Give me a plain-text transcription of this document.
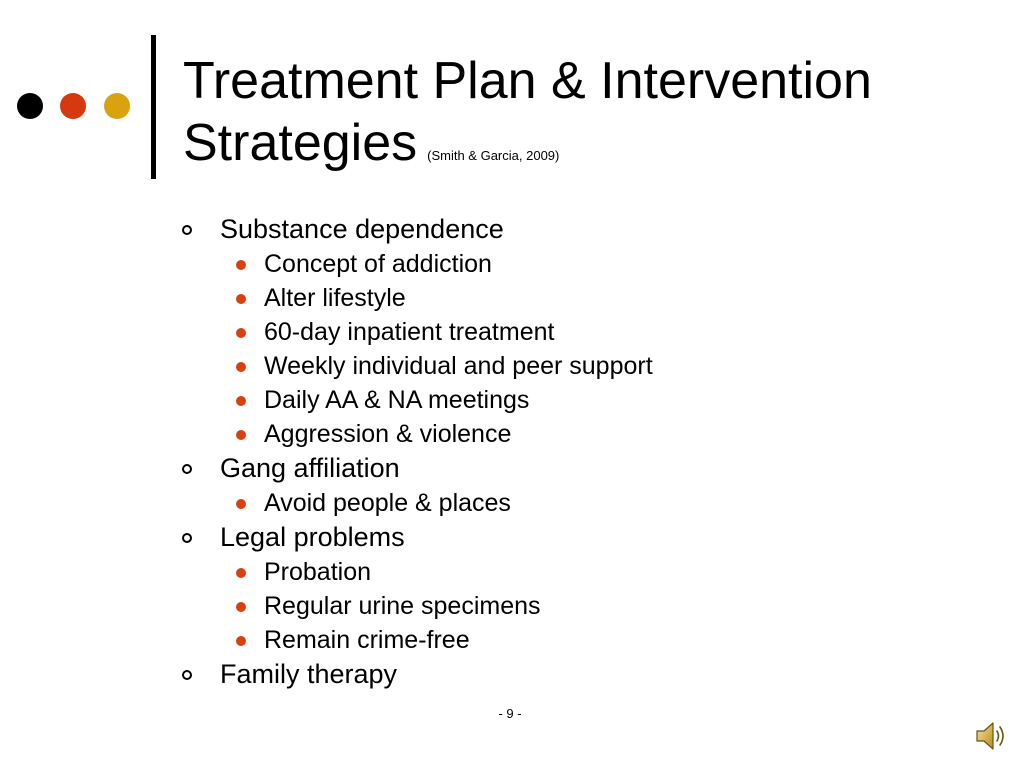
Treatment Plan & Intervention
Strategies (Smith & Garcia, 2009)
Substance dependence
Concept of addiction
Alter lifestyle
60-day inpatient treatment
Weekly individual and peer support
Daily AA & NA meetings
Aggression & violence
Gang affiliation
Avoid people & places
Legal problems
Probation
Regular urine specimens
Remain crime-free
Family therapy
- 9 -
